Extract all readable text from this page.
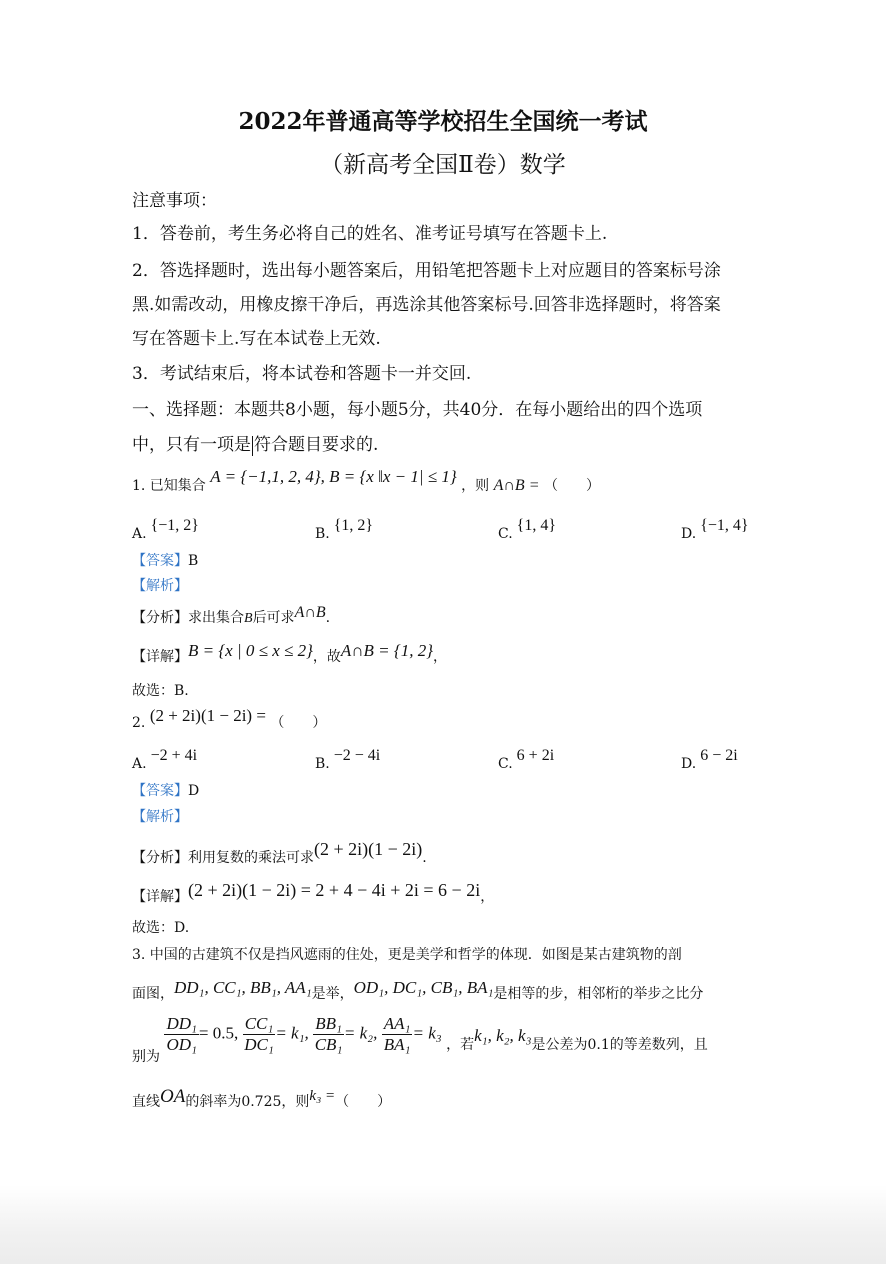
2022年普通高等学校招生全国统一考试
（新高考全国Ⅱ卷）数学
注意事项：
1．答卷前，考生务必将自己的姓名、准考证号填写在答题卡上.
2．答选择题时，选出每小题答案后，用铅笔把答题卡上对应题目的答案标号涂
黑.如需改动，用橡皮擦干净后，再选涂其他答案标号.回答非选择题时，将答案
写在答题卡上.写在本试卷上无效.
3．考试结束后，将本试卷和答题卡一并交回.
一、选择题：本题共8小题，每小题5分，共40分．在每小题给出的四个选项
中，只有一项是 符合题目要求的.
1. 已知集合 A = {−1,1, 2, 4}, B = {x ‖x − 1| ≤ 1} ，则 A∩B = （　　）
A. {−1, 2}	B. {1, 2}	C. {1, 4}	D. {−1, 4}
【答案】B
【解析】
【分析】求出集合B后可求A∩B.
【详解】B = {x | 0 ≤ x ≤ 2}，故A∩B = {1, 2}，
故选：B.
2. (2 + 2i)(1 − 2i) = （　　）
A. −2 + 4i	B. −2 − 4i	C. 6 + 2i	D. 6 − 2i
【答案】D
【解析】
【分析】利用复数的乘法可求(2 + 2i)(1 − 2i).
【详解】(2 + 2i)(1 − 2i) = 2 + 4 − 4i + 2i = 6 − 2i，
故选：D.
3. 中国的古建筑不仅是挡风遮雨的住处，更是美学和哲学的体现．如图是某古建筑物的剖
面图，DD₁, CC₁, BB₁, AA₁是举，OD₁, DC₁, CB₁, BA₁是相等的步，相邻桁的举步之比分
别为
$\frac{\text{DD₁}}{\text{OD₁}} = 0.5$, $\frac{\text{CC₁}}{\text{DC₁}} = k_1$, $\frac{\text{BB₁}}{\text{CB₁}} = k_2$, $\frac{\text{AA₁}}{\text{BA₁}} = k_3$ ，若k₁, k₂, k₃是公差为0.1的等差数列，且
直线OA的斜率为0.725，则k₃ =（　　）
